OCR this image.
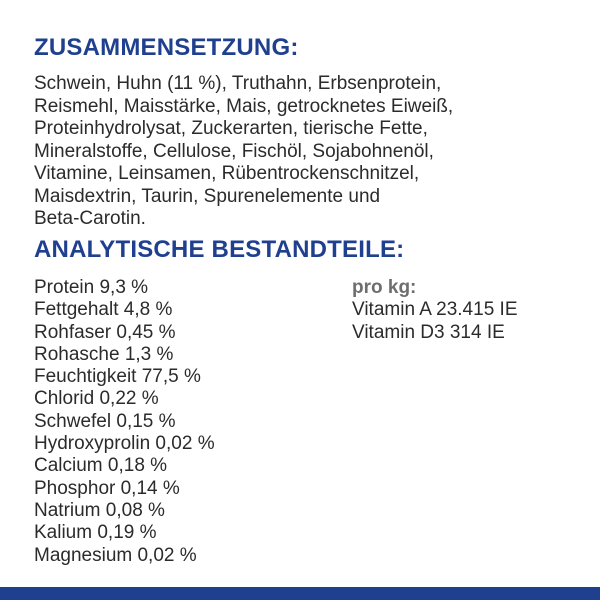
ZUSAMMENSETZUNG:

Schwein, Huhn (11 %), Truthahn, Erbsenprotein,
Reismehl, Maisstärke, Mais, getrocknetes Eiweiß,
Proteinhydrolysat, Zuckerarten, tierische Fette,
Mineralstoffe, Cellulose, Fischöl, Sojabohnenöl,
Vitamine, Leinsamen, Rübentrockenschnitzel,
Maisdextrin, Taurin, Spurenelemente und
Beta-Carotin.

ANALYTISCHE BESTANDTEILE:
Protein 9,3 %
Fettgehalt 4,8 %
Rohfaser 0,45 %
Rohasche 1,3 %
Feuchtigkeit 77,5 %
Chlorid 0,22 %
Schwefel 0,15 %
Hydroxyprolin 0,02 %
Calcium 0,18 %
Phosphor 0,14 %
Natrium 0,08 %
Kalium 0,19 %
Magnesium 0,02 %
pro kg:
Vitamin A 23.415 IE
Vitamin D3 314 IE
